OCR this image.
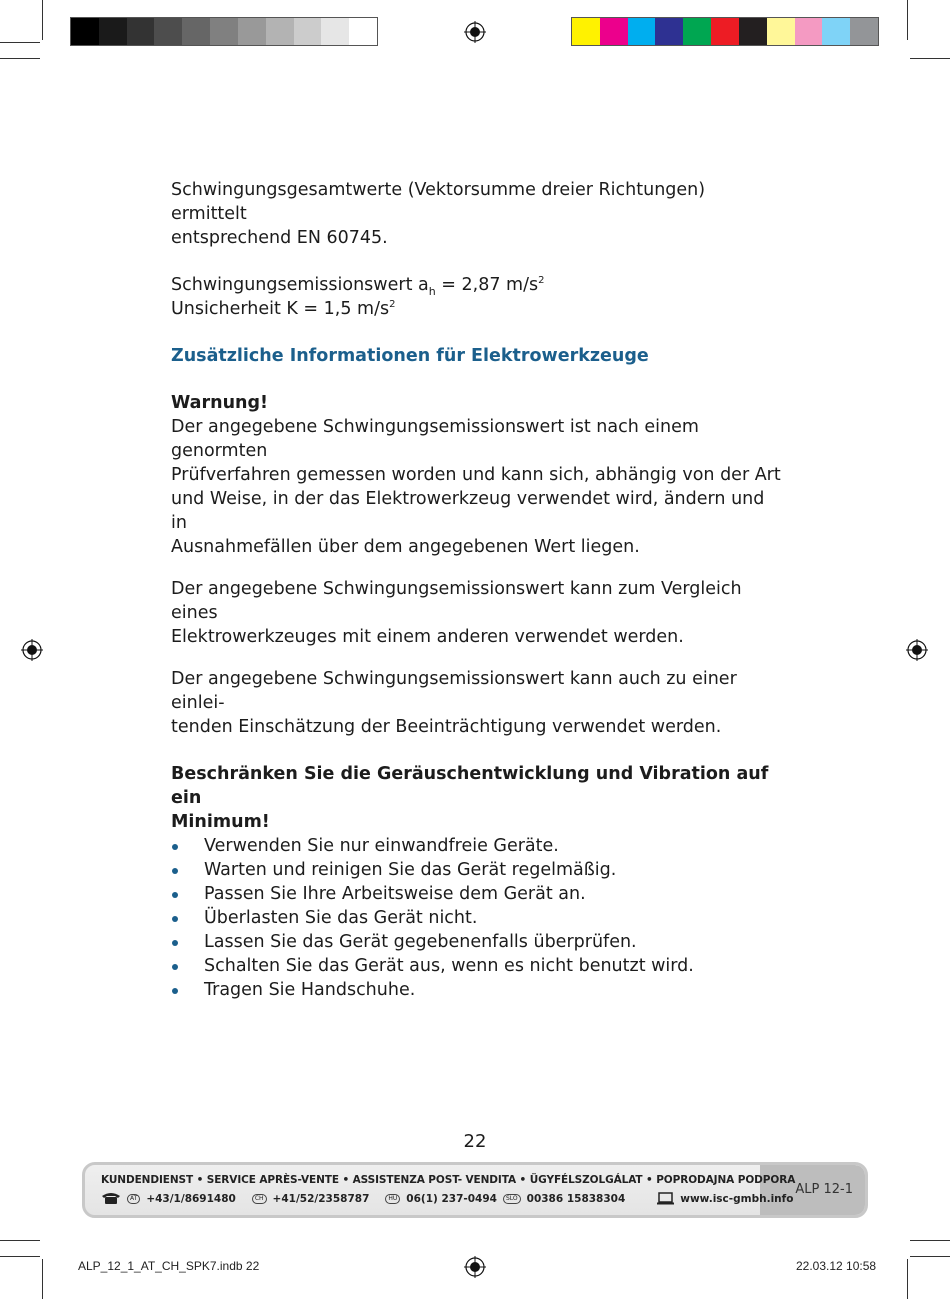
Schwingungsgesamtwerte (Vektorsumme dreier Richtungen) ermittelt
entsprechend EN 60745.

Schwingungsemissionswert $a_h = 2,87$ $m/s^2$

Unsicherheit K = 1,5 $m/s^2$

Zusätzliche Informationen für Elektrowerkzeuge

Warnung!

Der angegebene Schwingungsemissionswert ist nach einem genormten
Prüfverfahren gemessen worden und kann sich, abhängig von der Art
und Weise, in der das Elektrowerkzeug verwendet wird, ändern und in
Ausnahmefällen über dem angegebenen Wert liegen.

Der angegebene Schwingungsemissionswert kann zum Vergleich eines
Elektrowerkzeuges mit einem anderen verwendet werden.

Der angegebene Schwingungsemissionswert kann auch zu einer einlei-
tenden Einschätzung der Beeinträchtigung verwendet werden.

Beschränken Sie die Geräuschentwicklung und Vibration auf ein
Minimum!

Verwenden Sie nur einwandfreie Geräte.
Warten und reinigen Sie das Gerät regelmäßig.
Passen Sie Ihre Arbeitsweise dem Gerät an.
Überlasten Sie das Gerät nicht.
Lassen Sie das Gerät gegebenenfalls überprüfen.
Schalten Sie das Gerät aus, wenn es nicht benutzt wird.
Tragen Sie Handschuhe.
22
ALP 12-1
KUNDENDIENST • SERVICE APRÈS-VENTE • ASSISTENZA POST- VENDITA • ÜGYFÉLSZOLGÁLAT • POPRODAJNA PODPORA
AT +43/1/8691480	CH +41/52/2358787	HU 06(1) 237-0494	SLO 00386 15838304	www.isc-gmbh.info
ALP_12_1_AT_CH_SPK7.indb 22	22.03.12 10:58
